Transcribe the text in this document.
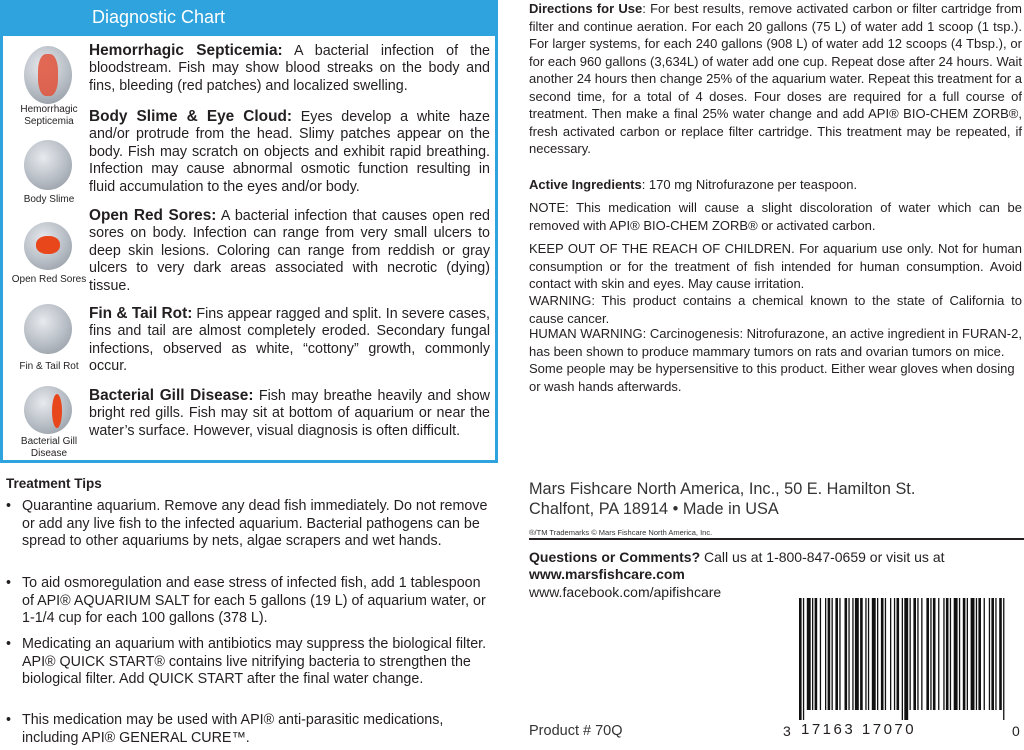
Diagnostic Chart
Hemorrhagic Septicemia
Body Slime
Open Red Sores
Fin & Tail Rot
Bacterial Gill Disease
Hemorrhagic Septicemia: A bacterial infection of the bloodstream. Fish may show blood streaks on the body and fins, bleeding (red patches) and localized swelling.
Body Slime & Eye Cloud: Eyes develop a white haze and/or protrude from the head. Slimy patches appear on the body. Fish may scratch on objects and exhibit rapid breathing. Infection may cause abnormal osmotic function resulting in fluid accumulation to the eyes and/or body.
Open Red Sores: A bacterial infection that causes open red sores on body. Infection can range from very small ulcers to deep skin lesions. Coloring can range from reddish or gray ulcers to very dark areas associated with necrotic (dying) tissue.
Fin & Tail Rot: Fins appear ragged and split. In severe cases, fins and tail are almost completely eroded. Secondary fungal infections, observed as white, “cottony” growth, commonly occur.
Bacterial Gill Disease: Fish may breathe heavily and show bright red gills. Fish may sit at bottom of aquarium or near the water’s surface. However, visual diagnosis is often difficult.
Directions for Use: For best results, remove activated carbon or filter cartridge from filter and continue aeration. For each 20 gallons (75 L) of water add 1 scoop (1 tsp.). For larger systems, for each 240 gallons (908 L) of water add 12 scoops (4 Tbsp.), or for each 960 gallons (3,634L) of water add one cup. Repeat dose after 24 hours. Wait another 24 hours then change 25% of the aquarium water. Repeat this treatment for a second time, for a total of 4 doses. Four doses are required for a full course of treatment. Then make a final 25% water change and add API® BIO-CHEM ZORB®, fresh activated carbon or replace filter cartridge. This treatment may be repeated, if necessary.
Active Ingredients: 170 mg Nitrofurazone per teaspoon.
NOTE: This medication will cause a slight discoloration of water which can be removed with API® BIO-CHEM ZORB® or activated carbon.
KEEP OUT OF THE REACH OF CHILDREN. For aquarium use only. Not for human consumption or for the treatment of fish intended for human consumption. Avoid contact with skin and eyes. May cause irritation.
WARNING: This product contains a chemical known to the state of California to cause cancer.
HUMAN WARNING: Carcinogenesis: Nitrofurazone, an active ingredient in FURAN-2, has been shown to produce mammary tumors on rats and ovarian tumors on mice. Some people may be hypersensitive to this product. Either wear gloves when dosing or wash hands afterwards.
Treatment Tips
• Quarantine aquarium. Remove any dead fish immediately. Do not remove or add any live fish to the infected aquarium. Bacterial pathogens can be spread to other aquariums by nets, algae scrapers and wet hands.
• To aid osmoregulation and ease stress of infected fish, add 1 tablespoon of API® AQUARIUM SALT for each 5 gallons (19 L) of aquarium water, or 1-1/4 cup for each 100 gallons (378 L).
• Medicating an aquarium with antibiotics may suppress the biological filter. API® QUICK START® contains live nitrifying bacteria to strengthen the biological filter. Add QUICK START after the final water change.
• This medication may be used with API® anti-parasitic medications, including API® GENERAL CURE™.
Mars Fishcare North America, Inc., 50 E. Hamilton St.
Chalfont, PA 18914 • Made in USA
®/TM Trademarks © Mars Fishcare North America, Inc.
Questions or Comments? Call us at 1-800-847-0659 or visit us at
www.marsfishcare.com
www.facebook.com/apifishcare
Product # 70Q	3 17163 17070	0
